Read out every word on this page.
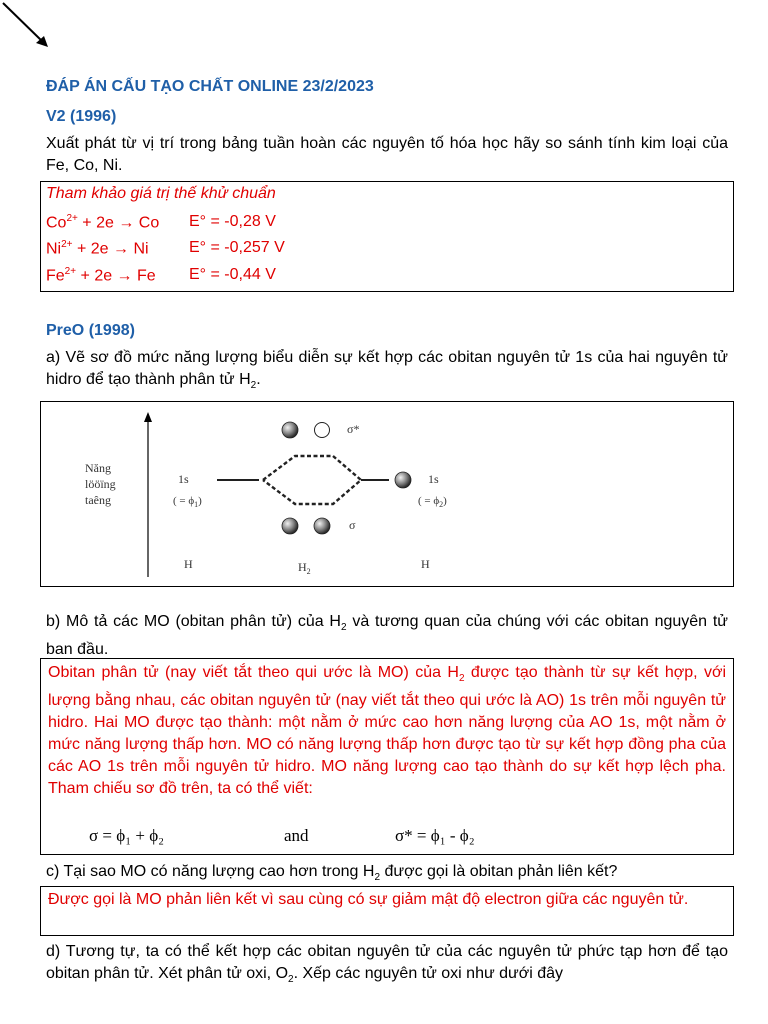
ĐÁP ÁN CẤU TẠO CHẤT ONLINE 23/2/2023
V2 (1996)
Xuất phát từ vị trí trong bảng tuần hoàn các nguyên tố hóa học hãy so sánh tính kim loại của Fe, Co, Ni.
Tham khảo giá trị thế khử chuẩn
$Co^{2+} + 2e \to Co$ E° = -0,28 V
$Ni^{2+} + 2e \to Ni$	E° = -0,257 V
$Fe^{2+} + 2e \to Fe$ E° = -0,44 V
PreO (1998)
a) Vẽ sơ đồ mức năng lượng biểu diễn sự kết hợp các obitan nguyên tử 1s của hai nguyên tử hidro để tạo thành phân tử $H_2$.
Năng
lööïng
taêng
1s
( = $\phi_1$)
1s
( = $\phi_2$)
σ*
σ
H	$H_2$
H
b) Mô tả các MO (obitan phân tử) của $H_2$ và tương quan của chúng với các obitan nguyên tử ban đầu.
Obitan phân tử (nay viết tắt theo qui ước là MO) của $H_2$ được tạo thành từ sự kết hợp, với lượng bằng nhau, các obitan nguyên tử (nay viết tắt theo qui ước là AO) 1s trên mỗi nguyên tử hidro. Hai MO được tạo thành: một nằm ở mức cao hơn năng lượng của AO 1s, một nằm ở mức năng lượng thấp hơn. MO có năng lượng thấp hơn được tạo từ sự kết hợp đồng pha của các AO 1s trên mỗi nguyên tử hidro. MO năng lượng cao tạo thành do sự kết hợp lệch pha. Tham chiếu sơ đồ trên, ta có thể viết:
σ = ϕ₁ + ϕ₂	and	σ* = ϕ₁ - ϕ₂
c) Tại sao MO có năng lượng cao hơn trong $H_2$ được gọi là obitan phản liên kết?
Được gọi là MO phản liên kết vì sau cùng có sự giảm mật độ electron giữa các nguyên tử.
d) Tương tự, ta có thể kết hợp các obitan nguyên tử của các nguyên tử phức tạp hơn để tạo obitan phân tử. Xét phân tử oxi, $O_2$. Xếp các nguyên tử oxi như dưới đây
